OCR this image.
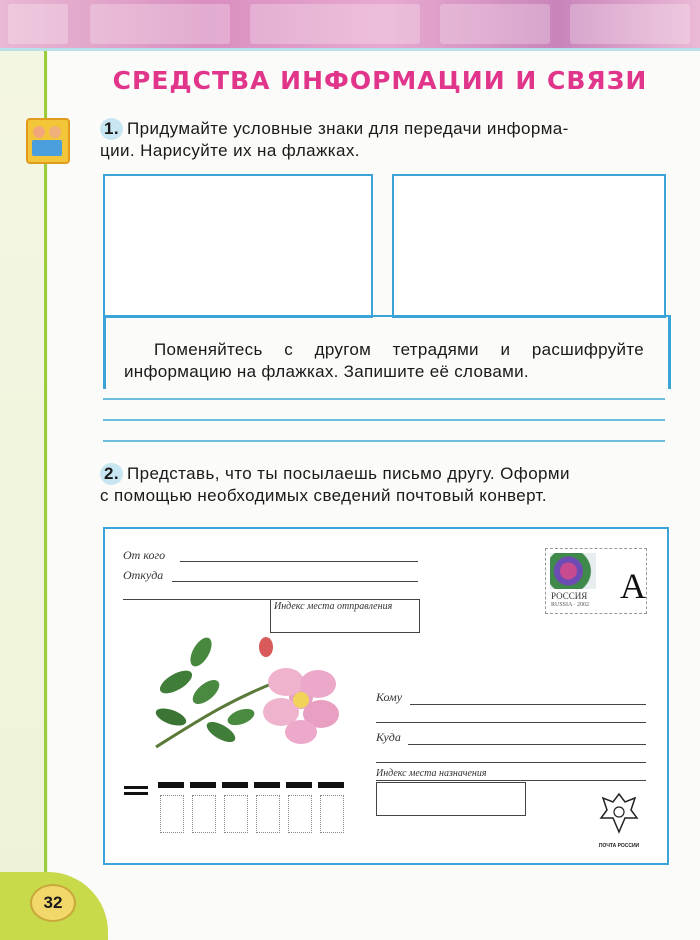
СРЕДСТВА ИНФОРМАЦИИ И СВЯЗИ
1. Придумайте условные знаки для передачи информа-
ции. Нарисуйте их на флажках.
Поменяйтесь с другом тетрадями и расшифруйте информацию на флажках. Запишите её словами.
2. Представь, что ты посылаешь письмо другу. Оформи
с помощью необходимых сведений почтовый конверт.
От кого
Откуда
Индекс места отправления
РОССИЯ
RUSSIA · 2002 А
Кому
Куда
Индекс места назначения
ПОЧТА РОССИИ
32
